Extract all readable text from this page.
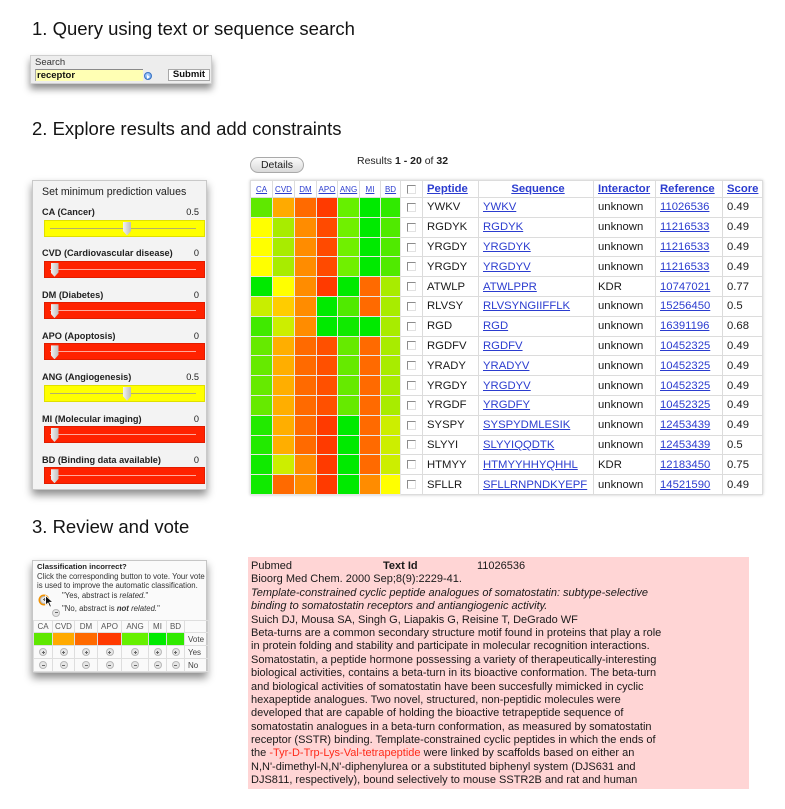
1. Query using text or sequence search
2. Explore results and add constraints
3. Review and vote
Search
receptor
Submit
Set minimum prediction values
CA (Cancer)	0.5
CVD (Cardiovascular disease) 0
DM (Diabetes)	0
APO (Apoptosis)	0
ANG (Angiogenesis)	0.5
MI (Molecular imaging)	0
BD (Binding data available)	0
Details	Results 1 - 20 of 32
CA	CVD	DM	APO	ANG	MI	BD		Peptide	Sequence	Interactor	Reference	Score
								YWKV	YWKV	unknown	11026536	0.49
								RGDYK	RGDYK	unknown	11216533	0.49
								YRGDY	YRGDYK	unknown	11216533	0.49
								YRGDY	YRGDYV	unknown	11216533	0.49
								ATWLP	ATWLPPR	KDR	10747021	0.77
								RLVSY	RLVSYNGIIFFLK	unknown	15256450	0.5
								RGD	RGD	unknown	16391196	0.68
								RGDFV	RGDFV	unknown	10452325	0.49
								YRADY	YRADYV	unknown	10452325	0.49
								YRGDY	YRGDYV	unknown	10452325	0.49
								YRGDF	YRGDFY	unknown	10452325	0.49
								SYSPY	SYSPYDMLESIK	unknown	12453439	0.49
								SLYYI	SLYYIQQDTK	unknown	12453439	0.5
								HTMYY	HTMYYHHYQHHL	KDR	12183450	0.75
								SFLLR	SFLLRNPNDKYEPF	unknown	14521590	0.49
Classification incorrect?
Click the corresponding button to vote. Your vote
is used to improve the automatic classification.

"Yes, abstract is related."
"No, abstract is not related."
CA	CVD	DM	APO	ANG	MI	BD	
							Vote
							Yes
							No
Pubmed	Text Id	11026536
Bioorg Med Chem. 2000 Sep;8(9):2229-41.
Template-constrained cyclic peptide analogues of somatostatin: subtype-selective
binding to somatostatin receptors and antiangiogenic activity.
Suich DJ, Mousa SA, Singh G, Liapakis G, Reisine T, DeGrado WF
Beta-turns are a common secondary structure motif found in proteins that play a role
in protein folding and stability and participate in molecular recognition interactions.
Somatostatin, a peptide hormone possessing a variety of therapeutically-interesting
biological activities, contains a beta-turn in its bioactive conformation. The beta-turn
and biological activities of somatostatin have been succesfully mimicked in cyclic
hexapeptide analogues. Two novel, structured, non-peptidic molecules were
developed that are capable of holding the bioactive tetrapeptide sequence of
somatostatin analogues in a beta-turn conformation, as measured by somatostatin
receptor (SSTR) binding. Template-constrained cyclic peptides in which the ends of
the -Tyr-D-Trp-Lys-Val-tetrapeptide were linked by scaffolds based on either an
N,N'-dimethyl-N,N'-diphenylurea or a substituted biphenyl system (DJS631 and
DJS811, respectively), bound selectively to mouse SSTR2B and rat and human
